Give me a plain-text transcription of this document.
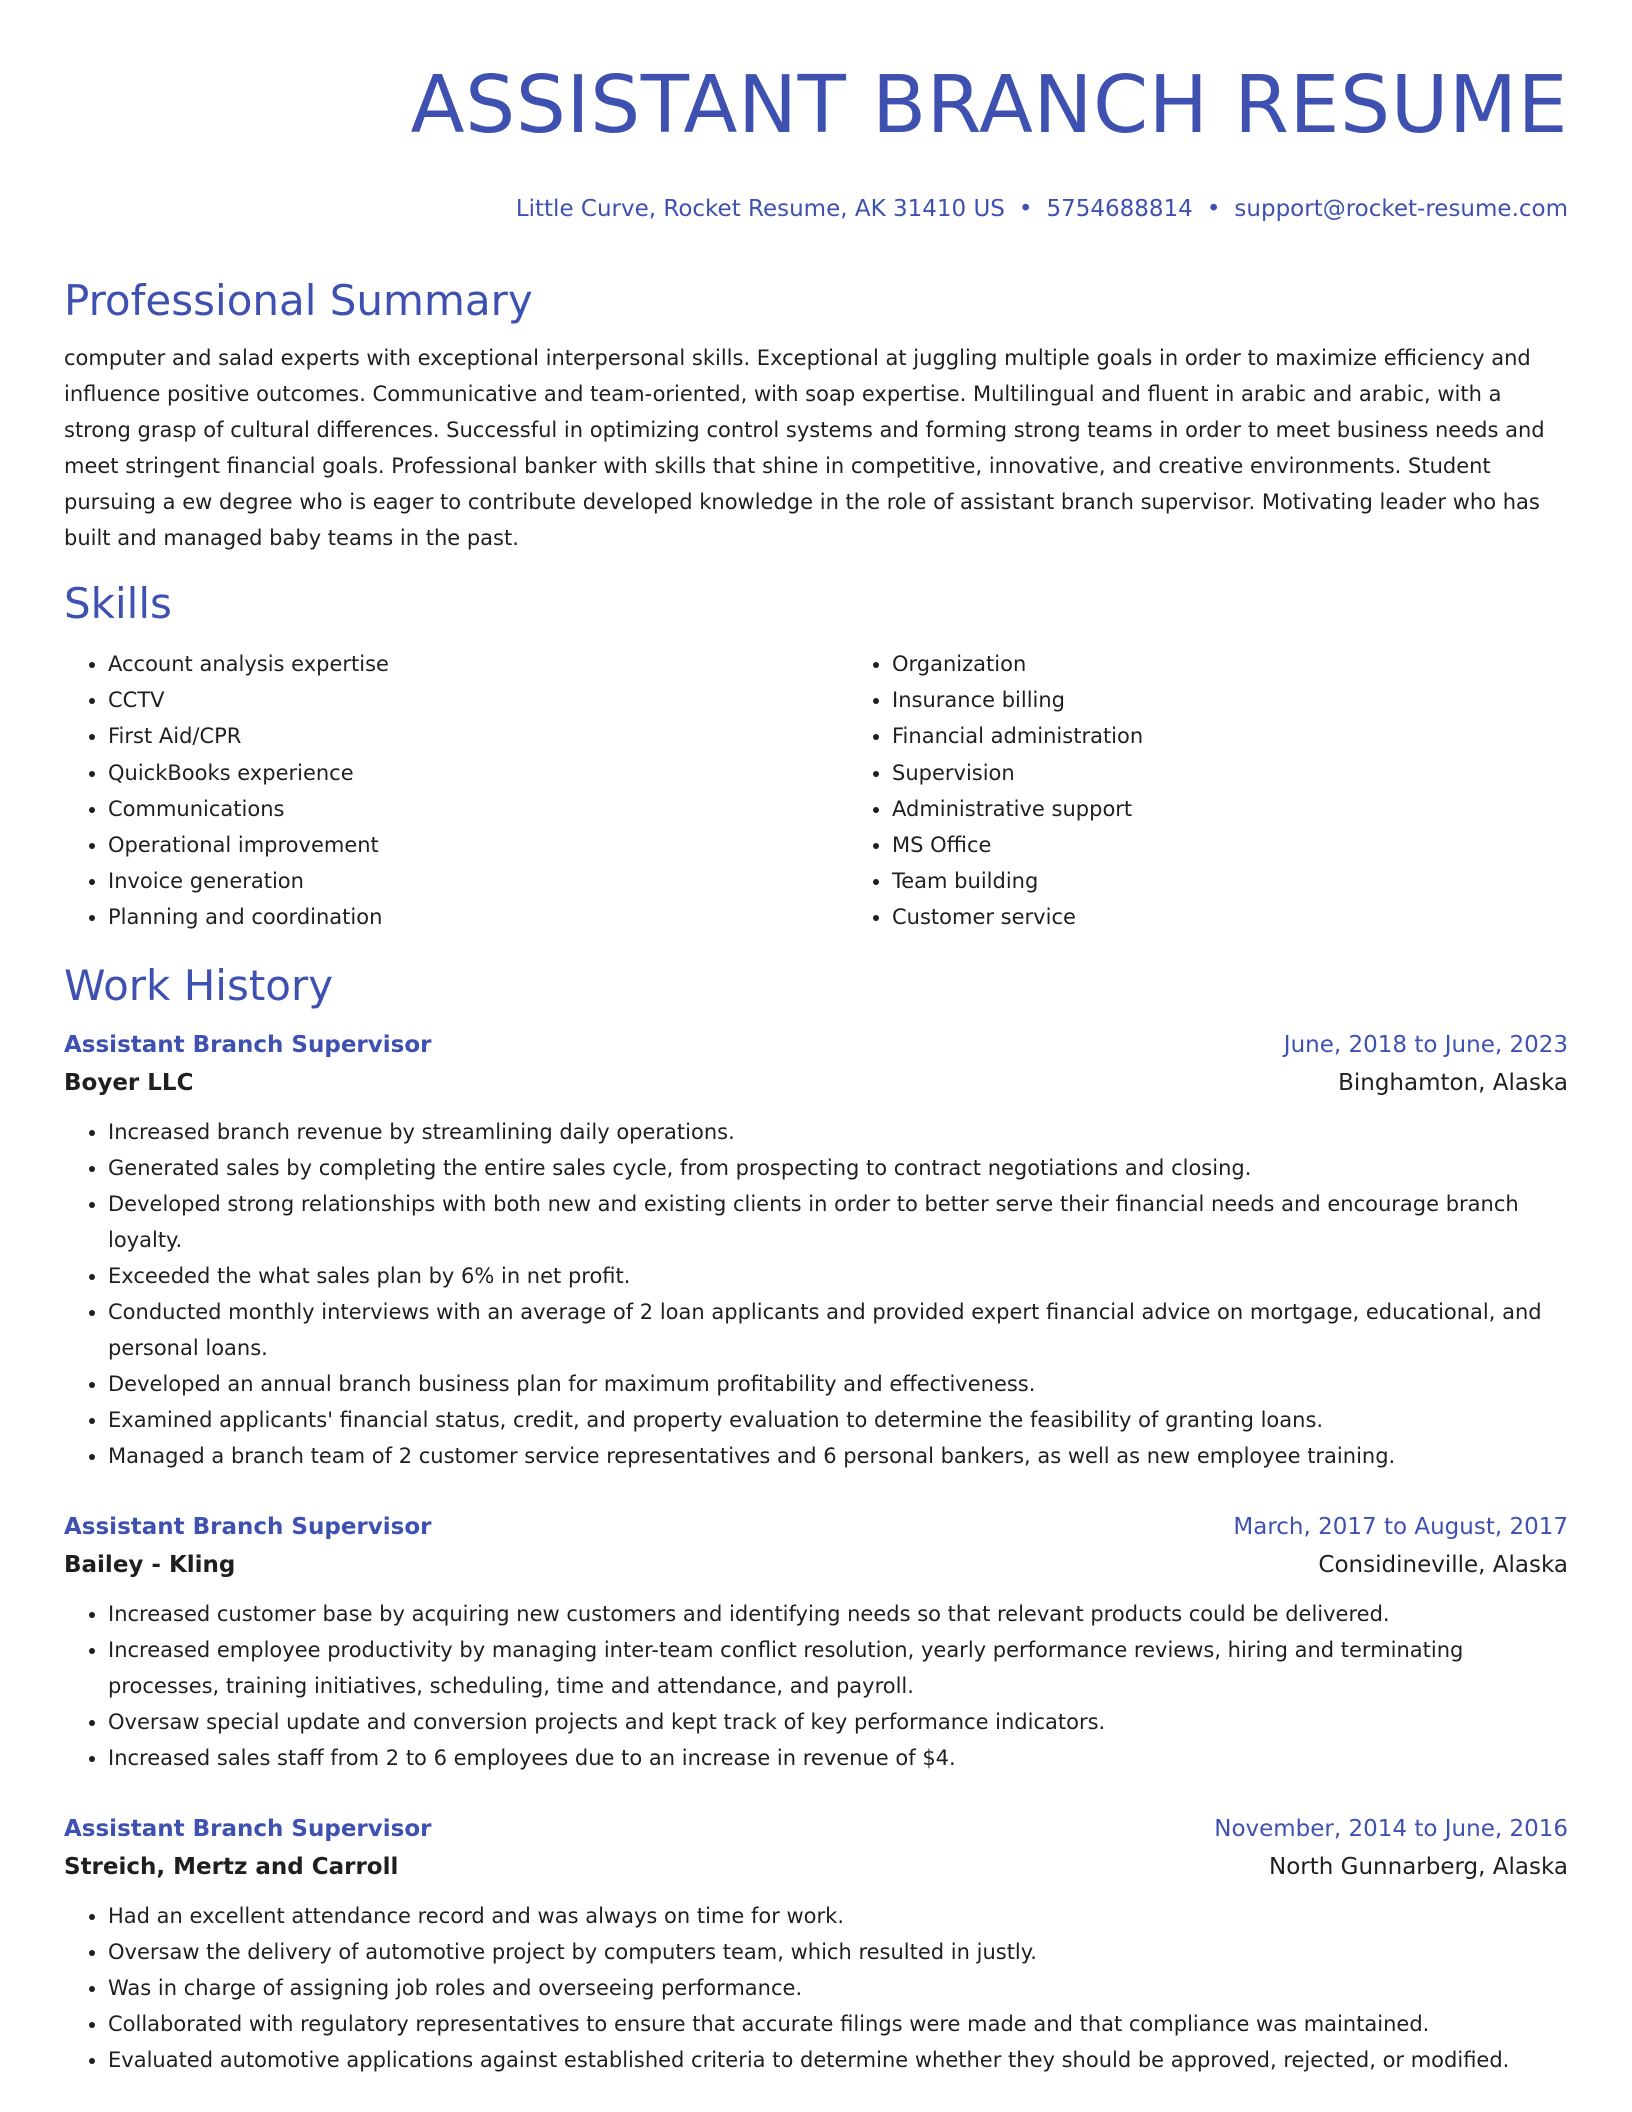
ASSISTANT BRANCH RESUME
Little Curve, Rocket Resume, AK 31410 US • 5754688814 • support@rocket-resume.com
Professional Summary
computer and salad experts with exceptional interpersonal skills. Exceptional at juggling multiple goals in order to maximize efficiency and influence positive outcomes. Communicative and team-oriented, with soap expertise. Multilingual and fluent in arabic and arabic, with a strong grasp of cultural differences. Successful in optimizing control systems and forming strong teams in order to meet business needs and meet stringent financial goals. Professional banker with skills that shine in competitive, innovative, and creative environments. Student pursuing a ew degree who is eager to contribute developed knowledge in the role of assistant branch supervisor. Motivating leader who has built and managed baby teams in the past.
Skills
• Account analysis expertise
• CCTV
• First Aid/CPR
• QuickBooks experience
• Communications
• Operational improvement
• Invoice generation
• Planning and coordination
• Organization
• Insurance billing
• Financial administration
• Supervision
• Administrative support
• MS Office
• Team building
• Customer service
Work History
Assistant Branch Supervisor	June, 2018 to June, 2023
Boyer LLC	Binghamton, Alaska
• Increased branch revenue by streamlining daily operations.
• Generated sales by completing the entire sales cycle, from prospecting to contract negotiations and closing.
• Developed strong relationships with both new and existing clients in order to better serve their financial needs and encourage branch loyalty.
• Exceeded the what sales plan by 6% in net profit.
• Conducted monthly interviews with an average of 2 loan applicants and provided expert financial advice on mortgage, educational, and personal loans.
• Developed an annual branch business plan for maximum profitability and effectiveness.
• Examined applicants' financial status, credit, and property evaluation to determine the feasibility of granting loans.
• Managed a branch team of 2 customer service representatives and 6 personal bankers, as well as new employee training.
Assistant Branch Supervisor	March, 2017 to August, 2017
Bailey - Kling	Considineville, Alaska
• Increased customer base by acquiring new customers and identifying needs so that relevant products could be delivered.
• Increased employee productivity by managing inter-team conflict resolution, yearly performance reviews, hiring and terminating processes, training initiatives, scheduling, time and attendance, and payroll.
• Oversaw special update and conversion projects and kept track of key performance indicators.
• Increased sales staff from 2 to 6 employees due to an increase in revenue of $4.
Assistant Branch Supervisor	November, 2014 to June, 2016
Streich, Mertz and Carroll	North Gunnarberg, Alaska
• Had an excellent attendance record and was always on time for work.
• Oversaw the delivery of automotive project by computers team, which resulted in justly.
• Was in charge of assigning job roles and overseeing performance.
• Collaborated with regulatory representatives to ensure that accurate filings were made and that compliance was maintained.
• Evaluated automotive applications against established criteria to determine whether they should be approved, rejected, or modified.
